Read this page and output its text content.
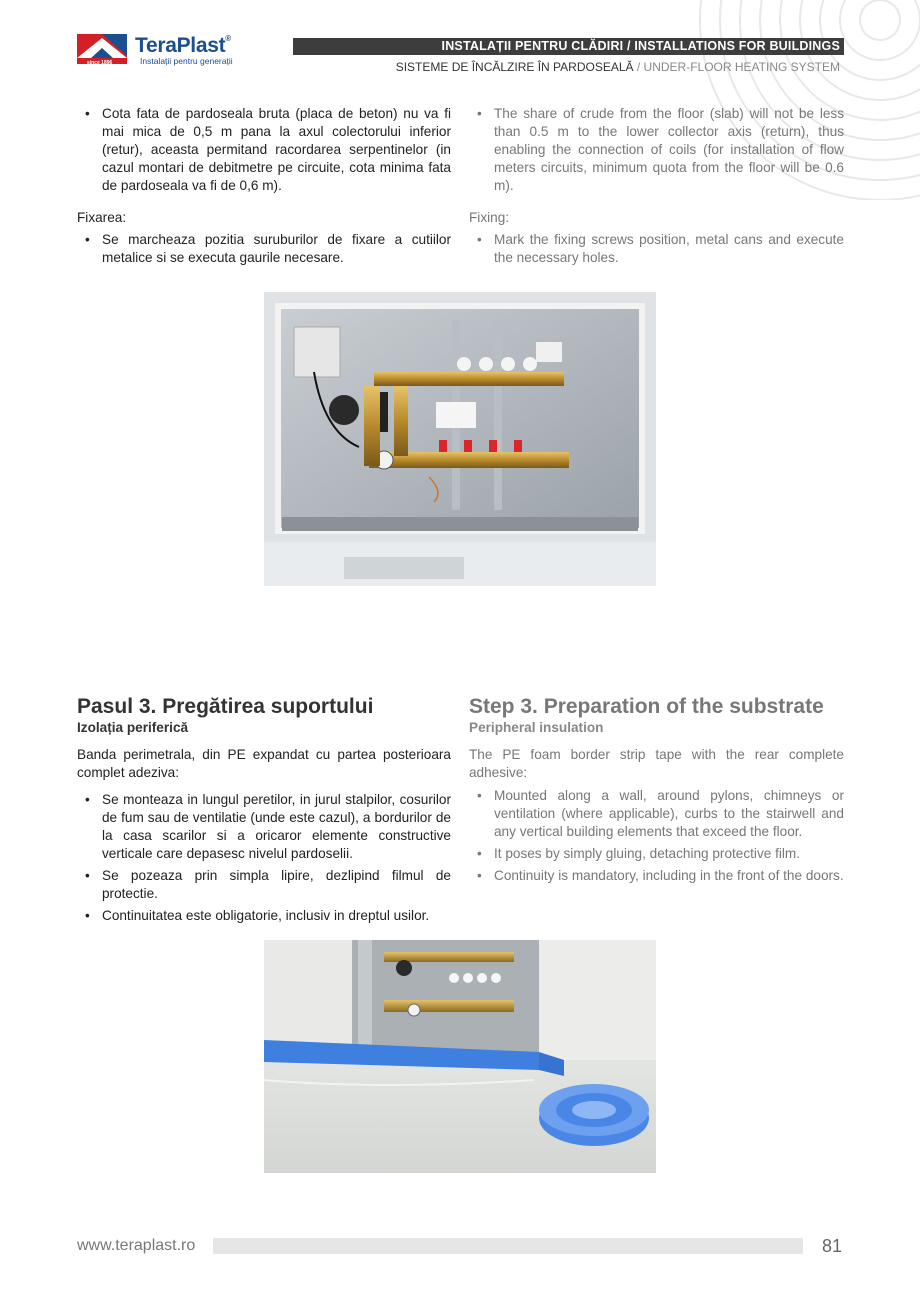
since 1896
TeraPlast®
Instalații pentru generații
INSTALAȚII PENTRU CLĂDIRI / INSTALLATIONS FOR BUILDINGS
SISTEME DE ÎNCĂLZIRE ÎN PARDOSEALĂ / UNDER-FLOOR HEATING SYSTEM
• Cota fata de pardoseala bruta (placa de beton) nu va fi mai mica de 0,5 m pana la axul colectorului inferior (retur), aceasta permitand racordarea serpentinelor (in cazul montari de debitmetre pe circuite, cota minima fata de pardoseala va fi de 0,6 m).

Fixarea:

• Se marcheaza pozitia suruburilor de fixare a cutiilor metalice si se executa gaurile necesare.
• The share of crude from the floor (slab) will not be less than 0.5 m to the lower collector axis (return), thus enabling the connection of coils (for installation of flow meters circuits, minimum quota from the floor will be 0.6 m).

Fixing:

• Mark the fixing screws position, metal cans and execute the necessary holes.
Pasul 3. Pregătirea suportului

Izolația periferică

Banda perimetrala, din PE expandat cu partea posterioara complet adeziva:

• Se monteaza in lungul peretilor, in jurul stalpilor, cosurilor de fum sau de ventilatie (unde este cazul), a bordurilor de la casa scarilor si a oricaror elemente constructive verticale care depasesc nivelul pardoselii.
• Se pozeaza prin simpla lipire, dezlipind filmul de protectie.
• Continuitatea este obligatorie, inclusiv in dreptul usilor.
Step 3. Preparation of the substrate

Peripheral insulation

The PE foam border strip tape with the rear complete adhesive:

• Mounted along a wall, around pylons, chimneys or ventilation (where applicable), curbs to the stairwell and any vertical building elements that exceed the floor.
• It poses by simply gluing, detaching protective film.
• Continuity is mandatory, including in the front of the doors.
www.teraplast.ro	81
